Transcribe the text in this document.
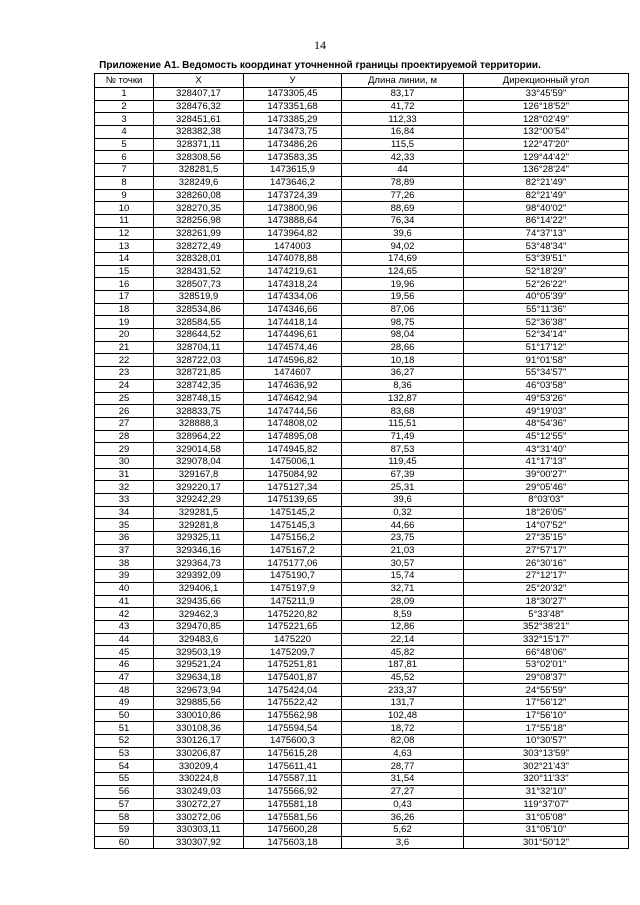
14
Приложение А1. Ведомость координат уточненной границы проектируемой территории.
№ точки	X	У	Длина линии, м	Дирекционный угол
1	328407,17	1473305,45	83,17	33°45'59"
2	328476,32	1473351,68	41,72	126°18'52"
3	328451,61	1473385,29	112,33	128°02'49"
4	328382,38	1473473,75	16,84	132°00'54"
5	328371,11	1473486,26	115,5	122°47'20"
6	328308,56	1473583,35	42,33	129°44'42"
7	328281,5	1473615,9	44	136°28'24"
8	328249,6	1473646,2	78,89	82°21'49"
9	328260,08	1473724,39	77,26	82°21'49"
10	328270,35	1473800,96	88,69	98°40'02"
11	328256,98	1473888,64	76,34	86°14'22"
12	328261,99	1473964,82	39,6	74°37'13"
13	328272,49	1474003	94,02	53°48'34"
14	328328,01	1474078,88	174,69	53°39'51"
15	328431,52	1474219,61	124,65	52°18'29"
16	328507,73	1474318,24	19,96	52°26'22"
17	328519,9	1474334,06	19,56	40°05'39"
18	328534,86	1474346,66	87,06	55°11'36"
19	328584,55	1474418,14	98,75	52°36'38"
20	328644,52	1474496,61	98,04	52°34'14"
21	328704,11	1474574,46	28,66	51°17'12"
22	328722,03	1474596,82	10,18	91°01'58"
23	328721,85	1474607	36,27	55°34'57"
24	328742,35	1474636,92	8,36	46°03'58"
25	328748,15	1474642,94	132,87	49°53'26"
26	328833,75	1474744,56	83,68	49°19'03"
27	328888,3	1474808,02	115,51	48°54'36"
28	328964,22	1474895,08	71,49	45°12'55"
29	329014,58	1474945,82	87,53	43°31'40"
30	329078,04	1475006,1	119,45	41°17'13"
31	329167,8	1475084,92	67,39	39°00'27"
32	329220,17	1475127,34	25,31	29°05'46"
33	329242,29	1475139,65	39,6	8°03'03"
34	329281,5	1475145,2	0,32	18°26'05"
35	329281,8	1475145,3	44,66	14°07'52"
36	329325,11	1475156,2	23,75	27°35'15"
37	329346,16	1475167,2	21,03	27°57'17"
38	329364,73	1475177,06	30,57	26°30'16"
39	329392,09	1475190,7	15,74	27°12'17"
40	329406,1	1475197,9	32,71	25°20'32"
41	329435,66	1475211,9	28,09	18°30'27"
42	329462,3	1475220,82	8,59	5°33'48"
43	329470,85	1475221,65	12,86	352°38'21"
44	329483,6	1475220	22,14	332°15'17"
45	329503,19	1475209,7	45,82	66°48'06"
46	329521,24	1475251,81	187,81	53°02'01"
47	329634,18	1475401,87	45,52	29°08'37"
48	329673,94	1475424,04	233,37	24°55'59"
49	329885,56	1475522,42	131,7	17°56'12"
50	330010,86	1475562,98	102,48	17°56'10"
51	330108,36	1475594,54	18,72	17°55'18"
52	330126,17	1475600,3	82,08	10°30'57"
53	330206,87	1475615,28	4,63	303°13'59"
54	330209,4	1475611,41	28,77	302°21'43"
55	330224,8	1475587,11	31,54	320°11'33"
56	330249,03	1475566,92	27,27	31°32'10"
57	330272,27	1475581,18	0,43	119°37'07"
58	330272,06	1475581,56	36,26	31°05'08"
59	330303,11	1475600,28	5,62	31°05'10"
60	330307,92	1475603,18	3,6	301°50'12"
